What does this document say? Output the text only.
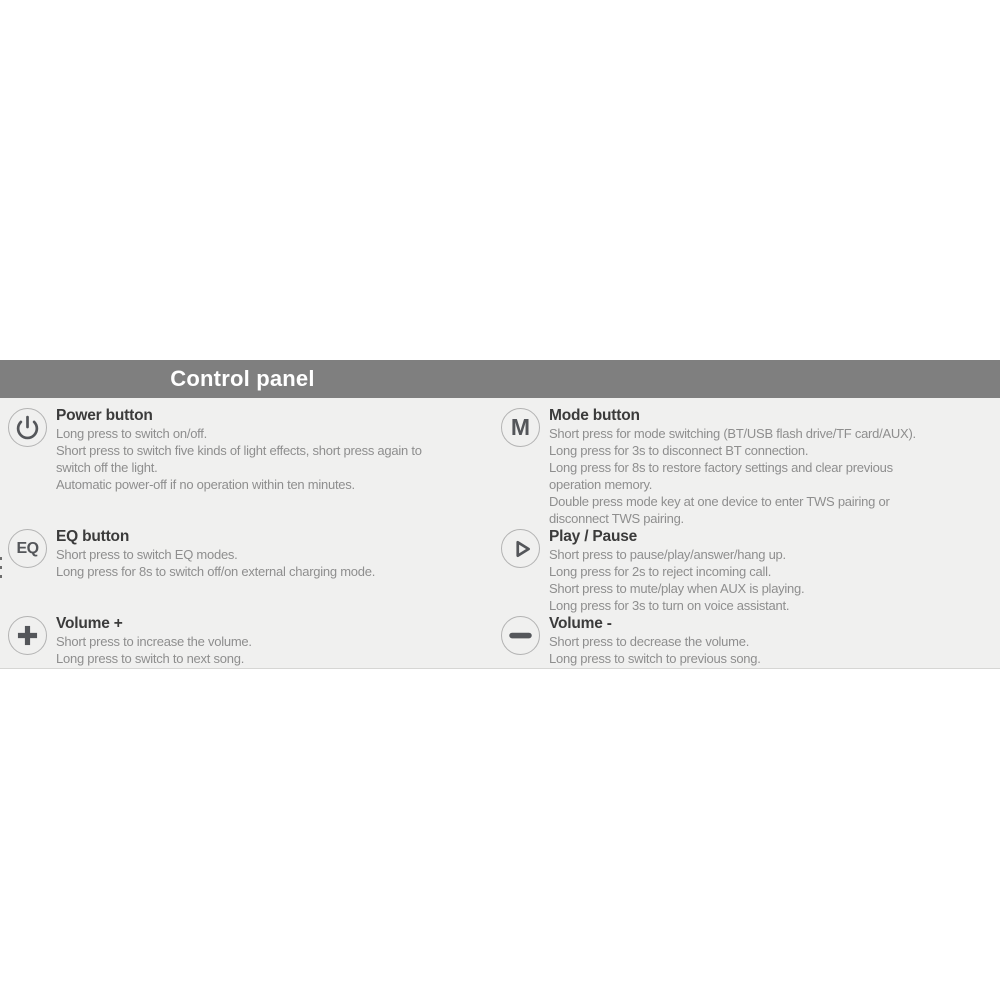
Control panel
Power button
Long press to switch on/off.
Short press to switch five kinds of light effects, short press again to
switch off the light.
Automatic power-off if no operation within ten minutes.
M Mode button
Short press for mode switching (BT/USB flash drive/TF card/AUX).
Long press for 3s to disconnect BT connection.
Long press for 8s to restore factory settings and clear previous
operation memory.
Double press mode key at one device to enter TWS pairing or
disconnect TWS pairing.
EQ
EQ button
Short press to switch EQ modes.
Long press for 8s to switch off/on external charging mode.
Play / Pause
Short press to pause/play/answer/hang up.
Long press for 2s to reject incoming call.
Short press to mute/play when AUX is playing.
Long press for 3s to turn on voice assistant.
Volume +
Short press to increase the volume.
Long press to switch to next song.
Volume -
Short press to decrease the volume.
Long press to switch to previous song.
